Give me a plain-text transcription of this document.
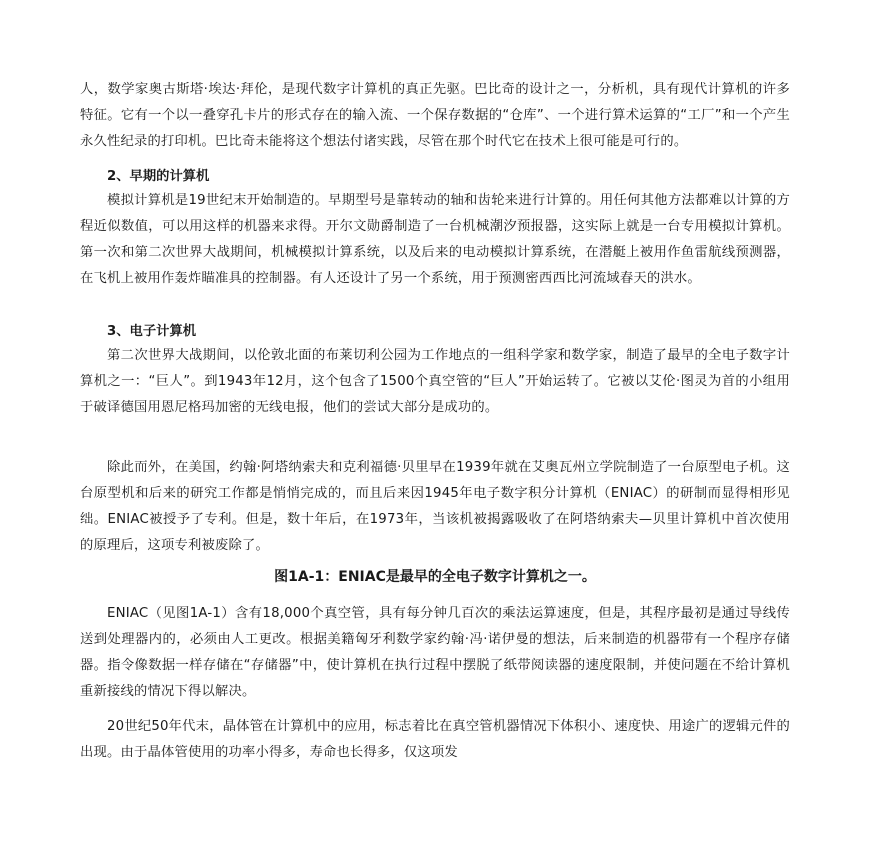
人，数学家奥古斯塔·埃达·拜伦，是现代数字计算机的真正先驱。巴比奇的设计之一，分析机，具有现代计算机的许多特征。它有一个以一叠穿孔卡片的形式存在的输入流、一个保存数据的“仓库”、一个进行算术运算的“工厂”和一个产生永久性纪录的打印机。巴比奇未能将这个想法付诸实践，尽管在那个时代它在技术上很可能是可行的。
2、早期的计算机
模拟计算机是19世纪末开始制造的。早期型号是靠转动的轴和齿轮来进行计算的。用任何其他方法都难以计算的方程近似数值，可以用这样的机器来求得。开尔文勋爵制造了一台机械潮汐预报器，这实际上就是一台专用模拟计算机。第一次和第二次世界大战期间，机械模拟计算系统，以及后来的电动模拟计算系统，在潜艇上被用作鱼雷航线预测器，在飞机上被用作轰炸瞄准具的控制器。有人还设计了另一个系统，用于预测密西西比河流域春天的洪水。
3、电子计算机
第二次世界大战期间，以伦敦北面的布莱切利公园为工作地点的一组科学家和数学家，制造了最早的全电子数字计算机之一：“巨人”。到1943年12月，这个包含了1500个真空管的“巨人”开始运转了。它被以艾伦·图灵为首的小组用于破译德国用恩尼格玛加密的无线电报，他们的尝试大部分是成功的。
除此而外，在美国，约翰·阿塔纳索夫和克利福德·贝里早在1939年就在艾奥瓦州立学院制造了一台原型电子机。这台原型机和后来的研究工作都是悄悄完成的，而且后来因1945年电子数字积分计算机（ENIAC）的研制而显得相形见绌。ENIAC被授予了专利。但是，数十年后，在1973年，当该机被揭露吸收了在阿塔纳索夫—贝里计算机中首次使用的原理后，这项专利被废除了。
图1A-1：ENIAC是最早的全电子数字计算机之一。
ENIAC（见图1A-1）含有18,000个真空管，具有每分钟几百次的乘法运算速度，但是，其程序最初是通过导线传送到处理器内的，必须由人工更改。根据美籍匈牙利数学家约翰·冯·诺伊曼的想法，后来制造的机器带有一个程序存储器。指令像数据一样存储在“存储器”中，使计算机在执行过程中摆脱了纸带阅读器的速度限制，并使问题在不给计算机重新接线的情况下得以解决。
20世纪50年代末，晶体管在计算机中的应用，标志着比在真空管机器情况下体积小、速度快、用途广的逻辑元件的出现。由于晶体管使用的功率小得多，寿命也长得多，仅这项发
